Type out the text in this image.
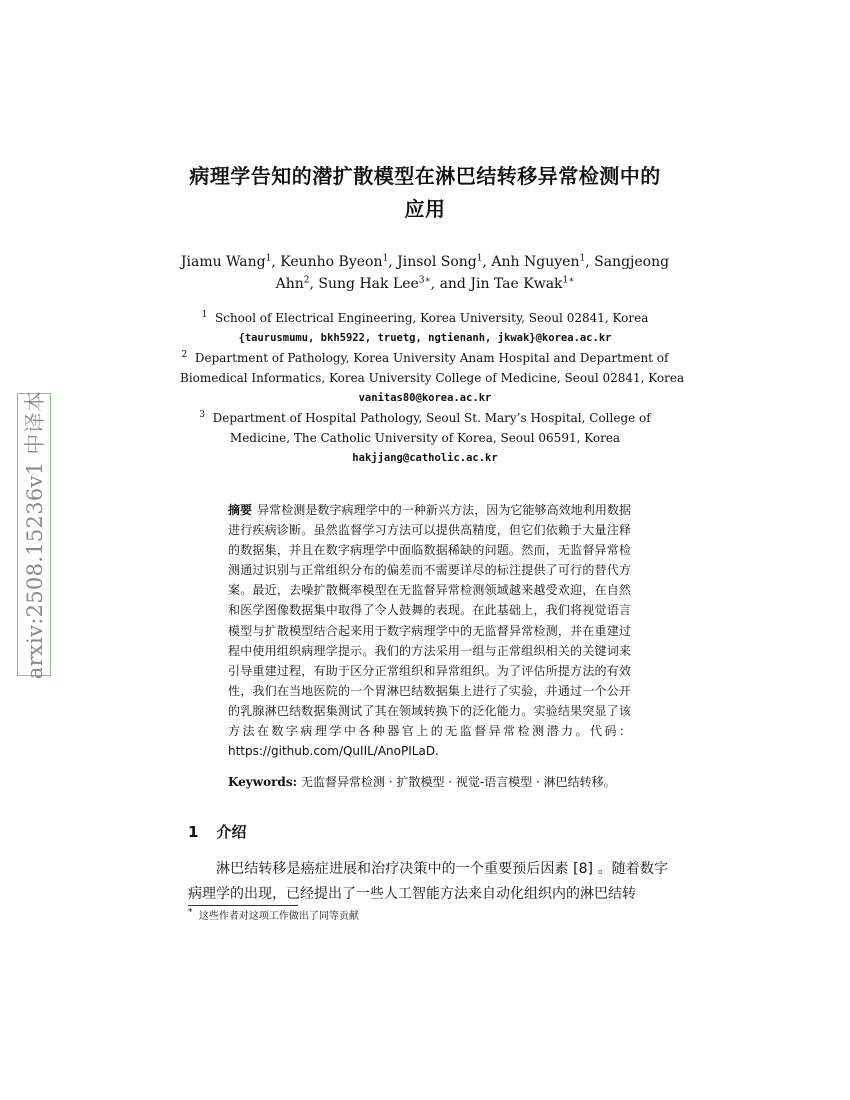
病理学告知的潜扩散模型在淋巴结转移异常检测中的
应用
Jiamu Wang$^1$, Keunho Byeon$^1$, Jinsol Song$^1$, Anh Nguyen$^1$, Sangjeong
Ahn$^2$, Sung Hak Lee$^{3∗}$, and Jin Tae Kwak$^{1∗}$
$^1$ School of Electrical Engineering, Korea University, Seoul 02841, Korea
{taurusmumu, bkh5922, truetg, ngtienanh, jkwak}@korea.ac.kr
$^2$ Department of Pathology, Korea University Anam Hospital and Department of
Biomedical Informatics, Korea University College of Medicine, Seoul 02841, Korea
vanitas80@korea.ac.kr
$^3$ Department of Hospital Pathology, Seoul St. Mary’s Hospital, College of
Medicine, The Catholic University of Korea, Seoul 06591, Korea
hakjjang@catholic.ac.kr
摘要 异常检测是数字病理学中的一种新兴方法，因为它能够高效地利用数据进行疾病诊断。虽然监督学习方法可以提供高精度，但它们依赖于大量注释的数据集，并且在数字病理学中面临数据稀缺的问题。然而，无监督异常检测通过识别与正常组织分布的偏差而不需要详尽的标注提供了可行的替代方案。最近，去噪扩散概率模型在无监督异常检测领域越来越受欢迎，在自然和医学图像数据集中取得了令人鼓舞的表现。在此基础上，我们将视觉语言模型与扩散模型结合起来用于数字病理学中的无监督异常检测，并在重建过程中使用组织病理学提示。我们的方法采用一组与正常组织相关的关键词来引导重建过程，有助于区分正常组织和异常组织。为了评估所提方法的有效性，我们在当地医院的一个胃淋巴结数据集上进行了实验，并通过一个公开的乳腺淋巴结数据集测试了其在领域转换下的泛化能力。实验结果突显了该方法在数字病理学中各种器官上的无监督异常检测潜力。代码：https://github.com/QuIIL/AnoPILaD.
Keywords: 无监督异常检测 · 扩散模型 · 视觉-语言模型 · 淋巴结转移。
1 介绍
淋巴结转移是癌症进展和治疗决策中的一个重要预后因素 [8] 。随着数字病理学的出现，已经提出了一些人工智能方法来自动化组织内的淋巴结转
* 这些作者对这项工作做出了同等贡献
arxiv:2508.15236v1 中译本
